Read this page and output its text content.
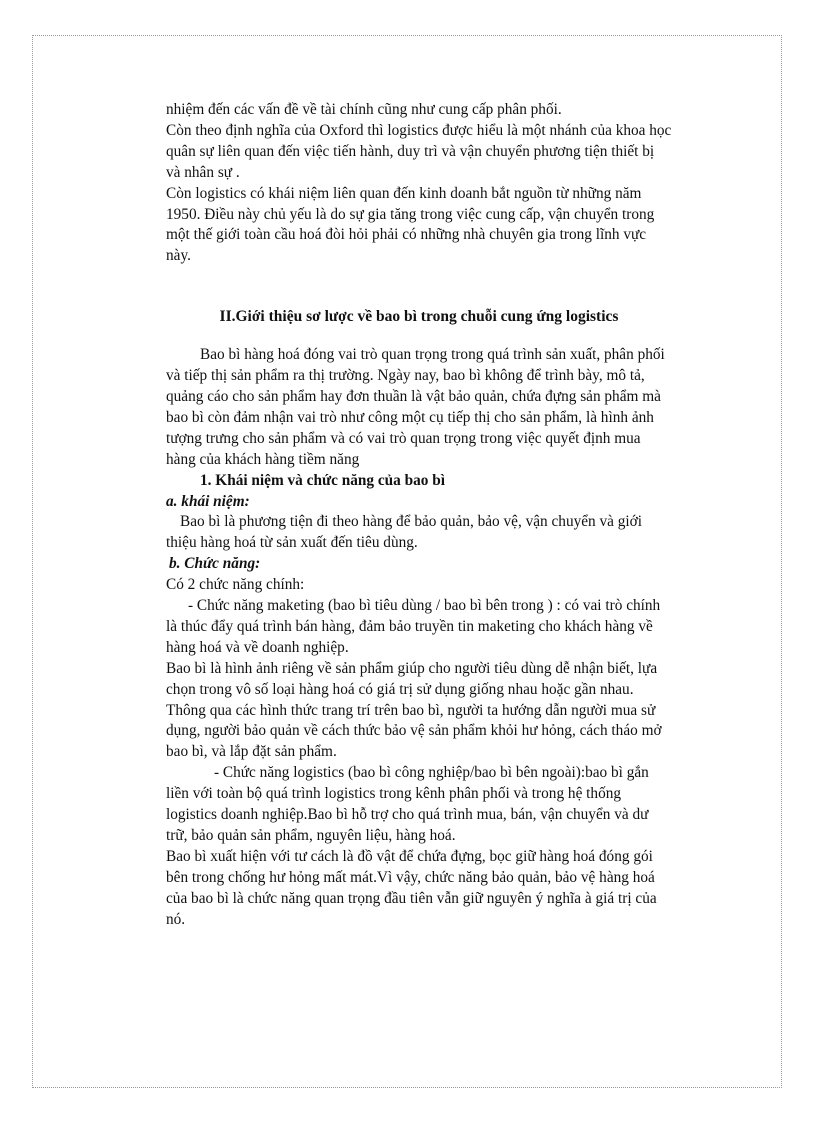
nhiệm đến các vấn đề về tài chính cũng như cung cấp phân phối.

Còn theo định nghĩa của Oxford thì logistics được hiểu là một nhánh của khoa học quân sự liên quan đến việc tiến hành, duy trì và vận chuyển phương tiện thiết bị và nhân sự .

Còn logistics có khái niệm liên quan đến kinh doanh bắt nguồn từ những năm 1950. Điều này chủ yếu là do sự gia tăng trong việc cung cấp, vận chuyển trong một thế giới toàn cầu hoá đòi hỏi phải có những nhà chuyên gia trong lĩnh vực này.

II.Giới thiệu sơ lược về bao bì trong chuỗi cung ứng logistics

Bao bì hàng hoá đóng vai trò quan trọng trong quá trình sản xuất, phân phối và tiếp thị sản phẩm ra thị trường. Ngày nay, bao bì không để trình bày, mô tả, quảng cáo cho sản phẩm hay đơn thuần là vật bảo quản, chứa đựng sản phẩm mà bao bì còn đảm nhận vai trò như công một cụ tiếp thị cho sản phẩm, là hình ảnh tượng trưng cho sản phẩm và có vai trò quan trọng trong việc quyết định mua hàng của khách hàng tiềm năng

1. Khái niệm và chức năng của bao bì

a. khái niệm:

Bao bì là phương tiện đi theo hàng để bảo quản, bảo vệ, vận chuyển và giới thiệu hàng hoá từ sản xuất đến tiêu dùng.

b. Chức năng:

Có 2 chức năng chính:

- Chức năng maketing (bao bì tiêu dùng / bao bì bên trong ) : có vai trò chính là thúc đẩy quá trình bán hàng, đảm bảo truyền tin maketing cho khách hàng về hàng hoá và về doanh nghiệp.

Bao bì là hình ảnh riêng về sản phẩm giúp cho người tiêu dùng dễ nhận biết, lựa chọn trong vô số loại hàng hoá có giá trị sử dụng giống nhau hoặc gần nhau. Thông qua các hình thức trang trí trên bao bì, người ta hướng dẫn người mua sử dụng, người bảo quản về cách thức bảo vệ sản phẩm khỏi hư hỏng, cách tháo mở bao bì, và lắp đặt sản phẩm.

- Chức năng logistics (bao bì công nghiệp/bao bì bên ngoài):bao bì gắn liền với toàn bộ quá trình logistics trong kênh phân phối và trong hệ thống logistics doanh nghiệp.Bao bì hỗ trợ cho quá trình mua, bán, vận chuyển và dư trữ, bảo quản sản phẩm, nguyên liệu, hàng hoá.

Bao bì xuất hiện với tư cách là đồ vật để chứa đựng, bọc giữ hàng hoá đóng gói bên trong chống hư hỏng mất mát.Vì vậy, chức năng bảo quản, bảo vệ hàng hoá của bao bì là chức năng quan trọng đầu tiên vẫn giữ nguyên ý nghĩa à giá trị của nó.
